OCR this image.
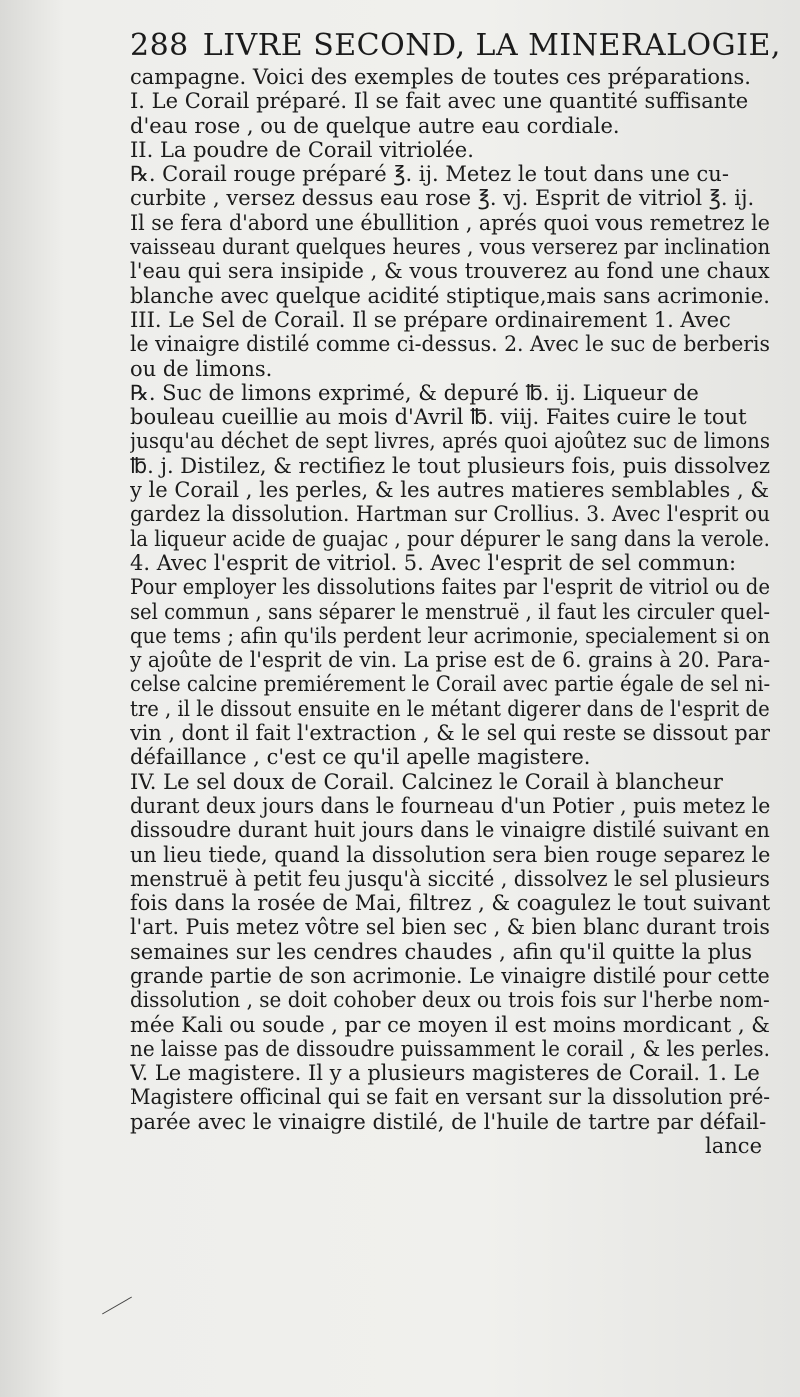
288 LIVRE SECOND, LA MINERALOGIE,
campagne. Voici des exemples de toutes ces préparations.
I. Le Corail préparé. Il se fait avec une quantité suffisante
d'eau rose , ou de quelque autre eau cordiale.
II. La poudre de Corail vitriolée.
℞. Corail rouge préparé ℥. ij. Metez le tout dans une cu-
curbite , versez dessus eau rose ℥. vj. Esprit de vitriol ℥. ij.
Il se fera d'abord une ébullition , aprés quoi vous remetrez le
vaisseau durant quelques heures , vous verserez par inclination
l'eau qui sera insipide , & vous trouverez au fond une chaux
blanche avec quelque acidité stiptique,mais sans acrimonie.
III. Le Sel de Corail. Il se prépare ordinairement 1. Avec
le vinaigre distilé comme ci-dessus. 2. Avec le suc de berberis
ou de limons.
℞. Suc de limons exprimé, & depuré ℔. ij. Liqueur de
bouleau cueillie au mois d'Avril ℔. viij. Faites cuire le tout
jusqu'au déchet de sept livres, aprés quoi ajoûtez suc de limons
℔. j. Distilez, & rectifiez le tout plusieurs fois, puis dissolvez
y le Corail , les perles, & les autres matieres semblables , &
gardez la dissolution. Hartman sur Crollius. 3. Avec l'esprit ou
la liqueur acide de guajac , pour dépurer le sang dans la verole.
4. Avec l'esprit de vitriol. 5. Avec l'esprit de sel commun:
Pour employer les dissolutions faites par l'esprit de vitriol ou de
sel commun , sans séparer le menstruë , il faut les circuler quel-
que tems ; afin qu'ils perdent leur acrimonie, specialement si on
y ajoûte de l'esprit de vin. La prise est de 6. grains à 20. Para-
celse calcine premiérement le Corail avec partie égale de sel ni-
tre , il le dissout ensuite en le métant digerer dans de l'esprit de
vin , dont il fait l'extraction , & le sel qui reste se dissout par
défaillance , c'est ce qu'il apelle magistere.
IV. Le sel doux de Corail. Calcinez le Corail à blancheur
durant deux jours dans le fourneau d'un Potier , puis metez le
dissoudre durant huit jours dans le vinaigre distilé suivant en
un lieu tiede, quand la dissolution sera bien rouge separez le
menstruë à petit feu jusqu'à siccité , dissolvez le sel plusieurs
fois dans la rosée de Mai, filtrez , & coagulez le tout suivant
l'art. Puis metez vôtre sel bien sec , & bien blanc durant trois
semaines sur les cendres chaudes , afin qu'il quitte la plus
grande partie de son acrimonie. Le vinaigre distilé pour cette
dissolution , se doit cohober deux ou trois fois sur l'herbe nom-
mée Kali ou soude , par ce moyen il est moins mordicant , &
ne laisse pas de dissoudre puissamment le corail , & les perles.
V. Le magistere. Il y a plusieurs magisteres de Corail. 1. Le
Magistere officinal qui se fait en versant sur la dissolution pré-
parée avec le vinaigre distilé, de l'huile de tartre par défail-
lance
